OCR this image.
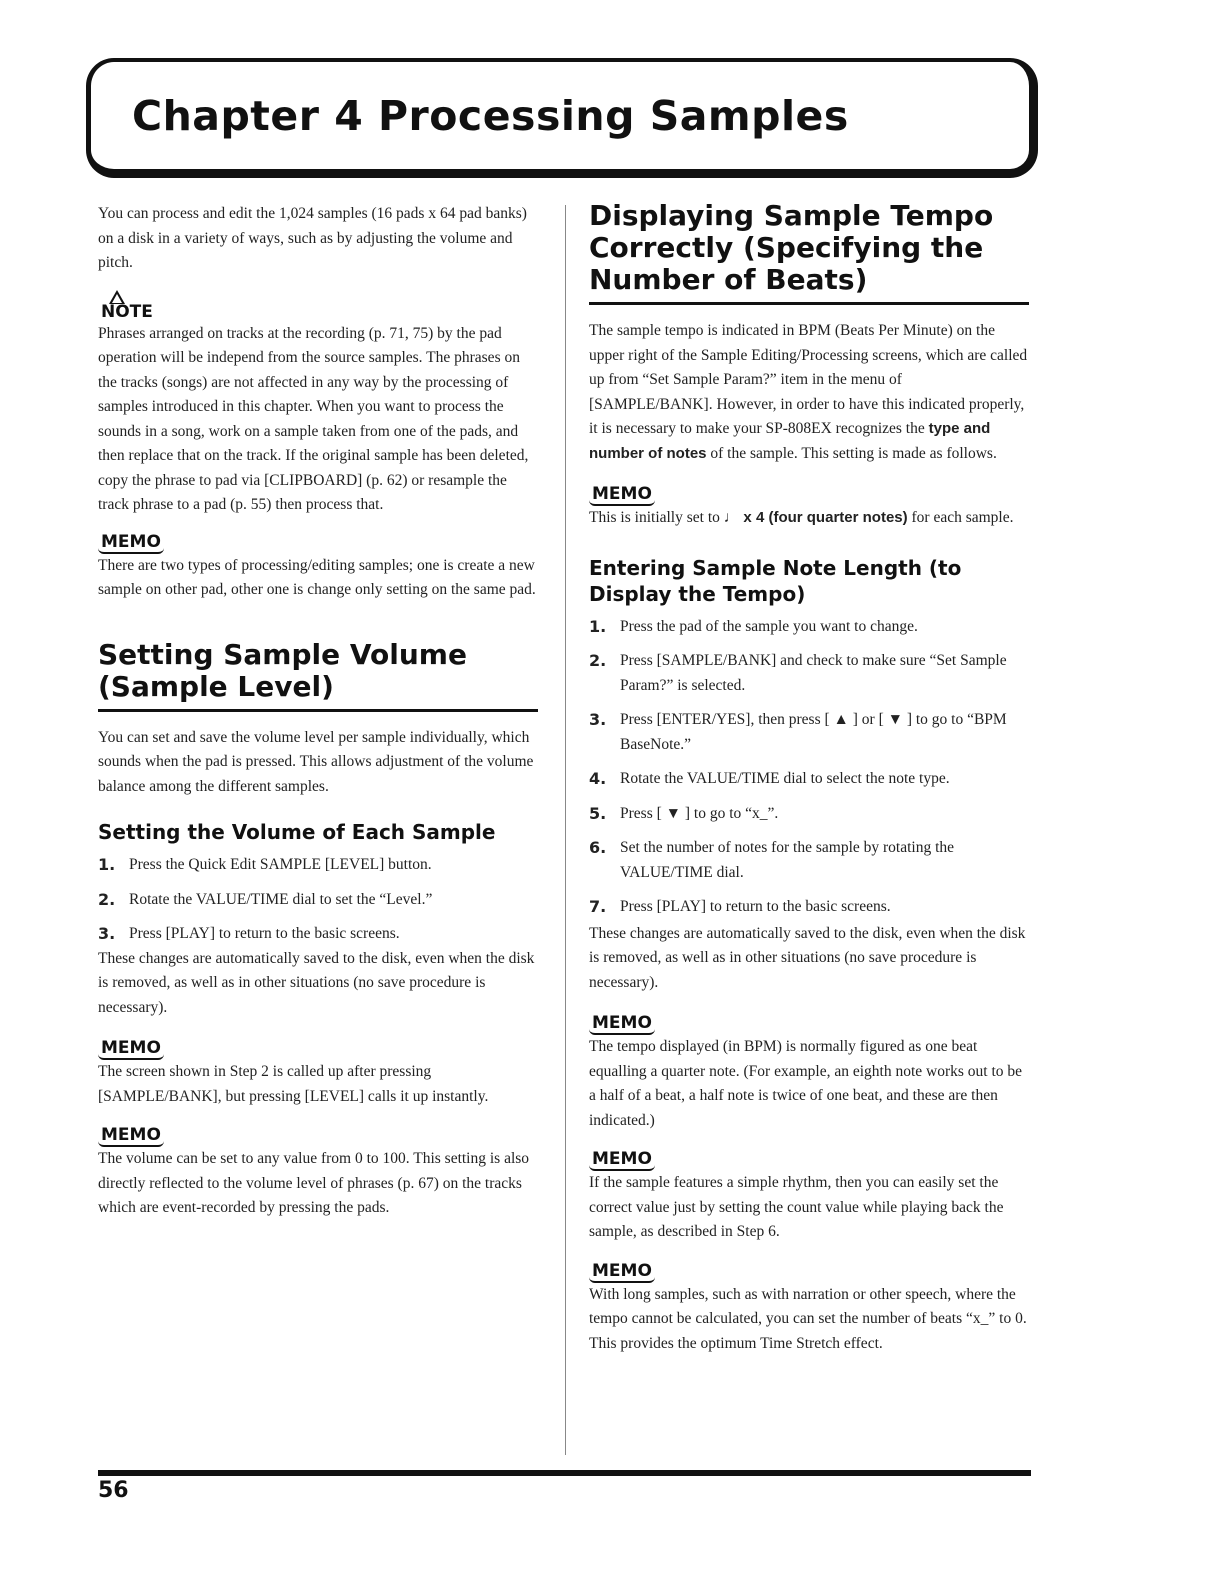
Chapter 4 Processing Samples

You can process and edit the 1,024 samples (16 pads x 64 pad banks) on a disk in a variety of ways, such as by adjusting the volume and pitch.

NOTE

Phrases arranged on tracks at the recording (p. 71, 75) by the pad operation will be independ from the source samples. The phrases on the tracks (songs) are not affected in any way by the processing of samples introduced in this chapter. When you want to process the sounds in a song, work on a sample taken from one of the pads, and then replace that on the track. If the original sample has been deleted, copy the phrase to pad via [CLIPBOARD] (p. 62) or resample the track phrase to a pad (p. 55) then process that.

MEMO

There are two types of processing/editing samples; one is create a new sample on other pad, other one is change only setting on the same pad.

Setting Sample Volume (Sample Level)

You can set and save the volume level per sample individually, which sounds when the pad is pressed. This allows adjustment of the volume balance among the different samples.

Setting the Volume of Each Sample
1. Press the Quick Edit SAMPLE [LEVEL] button.
2. Rotate the VALUE/TIME dial to set the “Level.”
3. Press [PLAY] to return to the basic screens.

These changes are automatically saved to the disk, even when the disk is removed, as well as in other situations (no save procedure is necessary).

MEMO

The screen shown in Step 2 is called up after pressing [SAMPLE/BANK], but pressing [LEVEL] calls it up instantly.

MEMO

The volume can be set to any value from 0 to 100. This setting is also directly reflected to the volume level of phrases (p. 67) on the tracks which are event-recorded by pressing the pads.

Displaying Sample Tempo Correctly (Specifying the Number of Beats)

The sample tempo is indicated in BPM (Beats Per Minute) on the upper right of the Sample Editing/Processing screens, which are called up from “Set Sample Param?” item in the menu of [SAMPLE/BANK]. However, in order to have this indicated properly, it is necessary to make your SP-808EX recognizes the type and number of notes of the sample. This setting is made as follows.

MEMO

This is initially set to ♩ x 4 (four quarter notes) for each sample.

Entering Sample Note Length (to Display the Tempo)
1. Press the pad of the sample you want to change.
2. Press [SAMPLE/BANK] and check to make sure “Set Sample Param?” is selected.
3. Press [ENTER/YES], then press [ ▲ ] or [ ▼ ] to go to “BPM BaseNote.”
4. Rotate the VALUE/TIME dial to select the note type.
5. Press [ ▼ ] to go to “x_”.
6. Set the number of notes for the sample by rotating the VALUE/TIME dial.
7. Press [PLAY] to return to the basic screens.

These changes are automatically saved to the disk, even when the disk is removed, as well as in other situations (no save procedure is necessary).

MEMO

The tempo displayed (in BPM) is normally figured as one beat equalling a quarter note. (For example, an eighth note works out to be a half of a beat, a half note is twice of one beat, and these are then indicated.)

MEMO

If the sample features a simple rhythm, then you can easily set the correct value just by setting the count value while playing back the sample, as described in Step 6.

MEMO

With long samples, such as with narration or other speech, where the tempo cannot be calculated, you can set the number of beats “x_” to 0. This provides the optimum Time Stretch effect.

56
